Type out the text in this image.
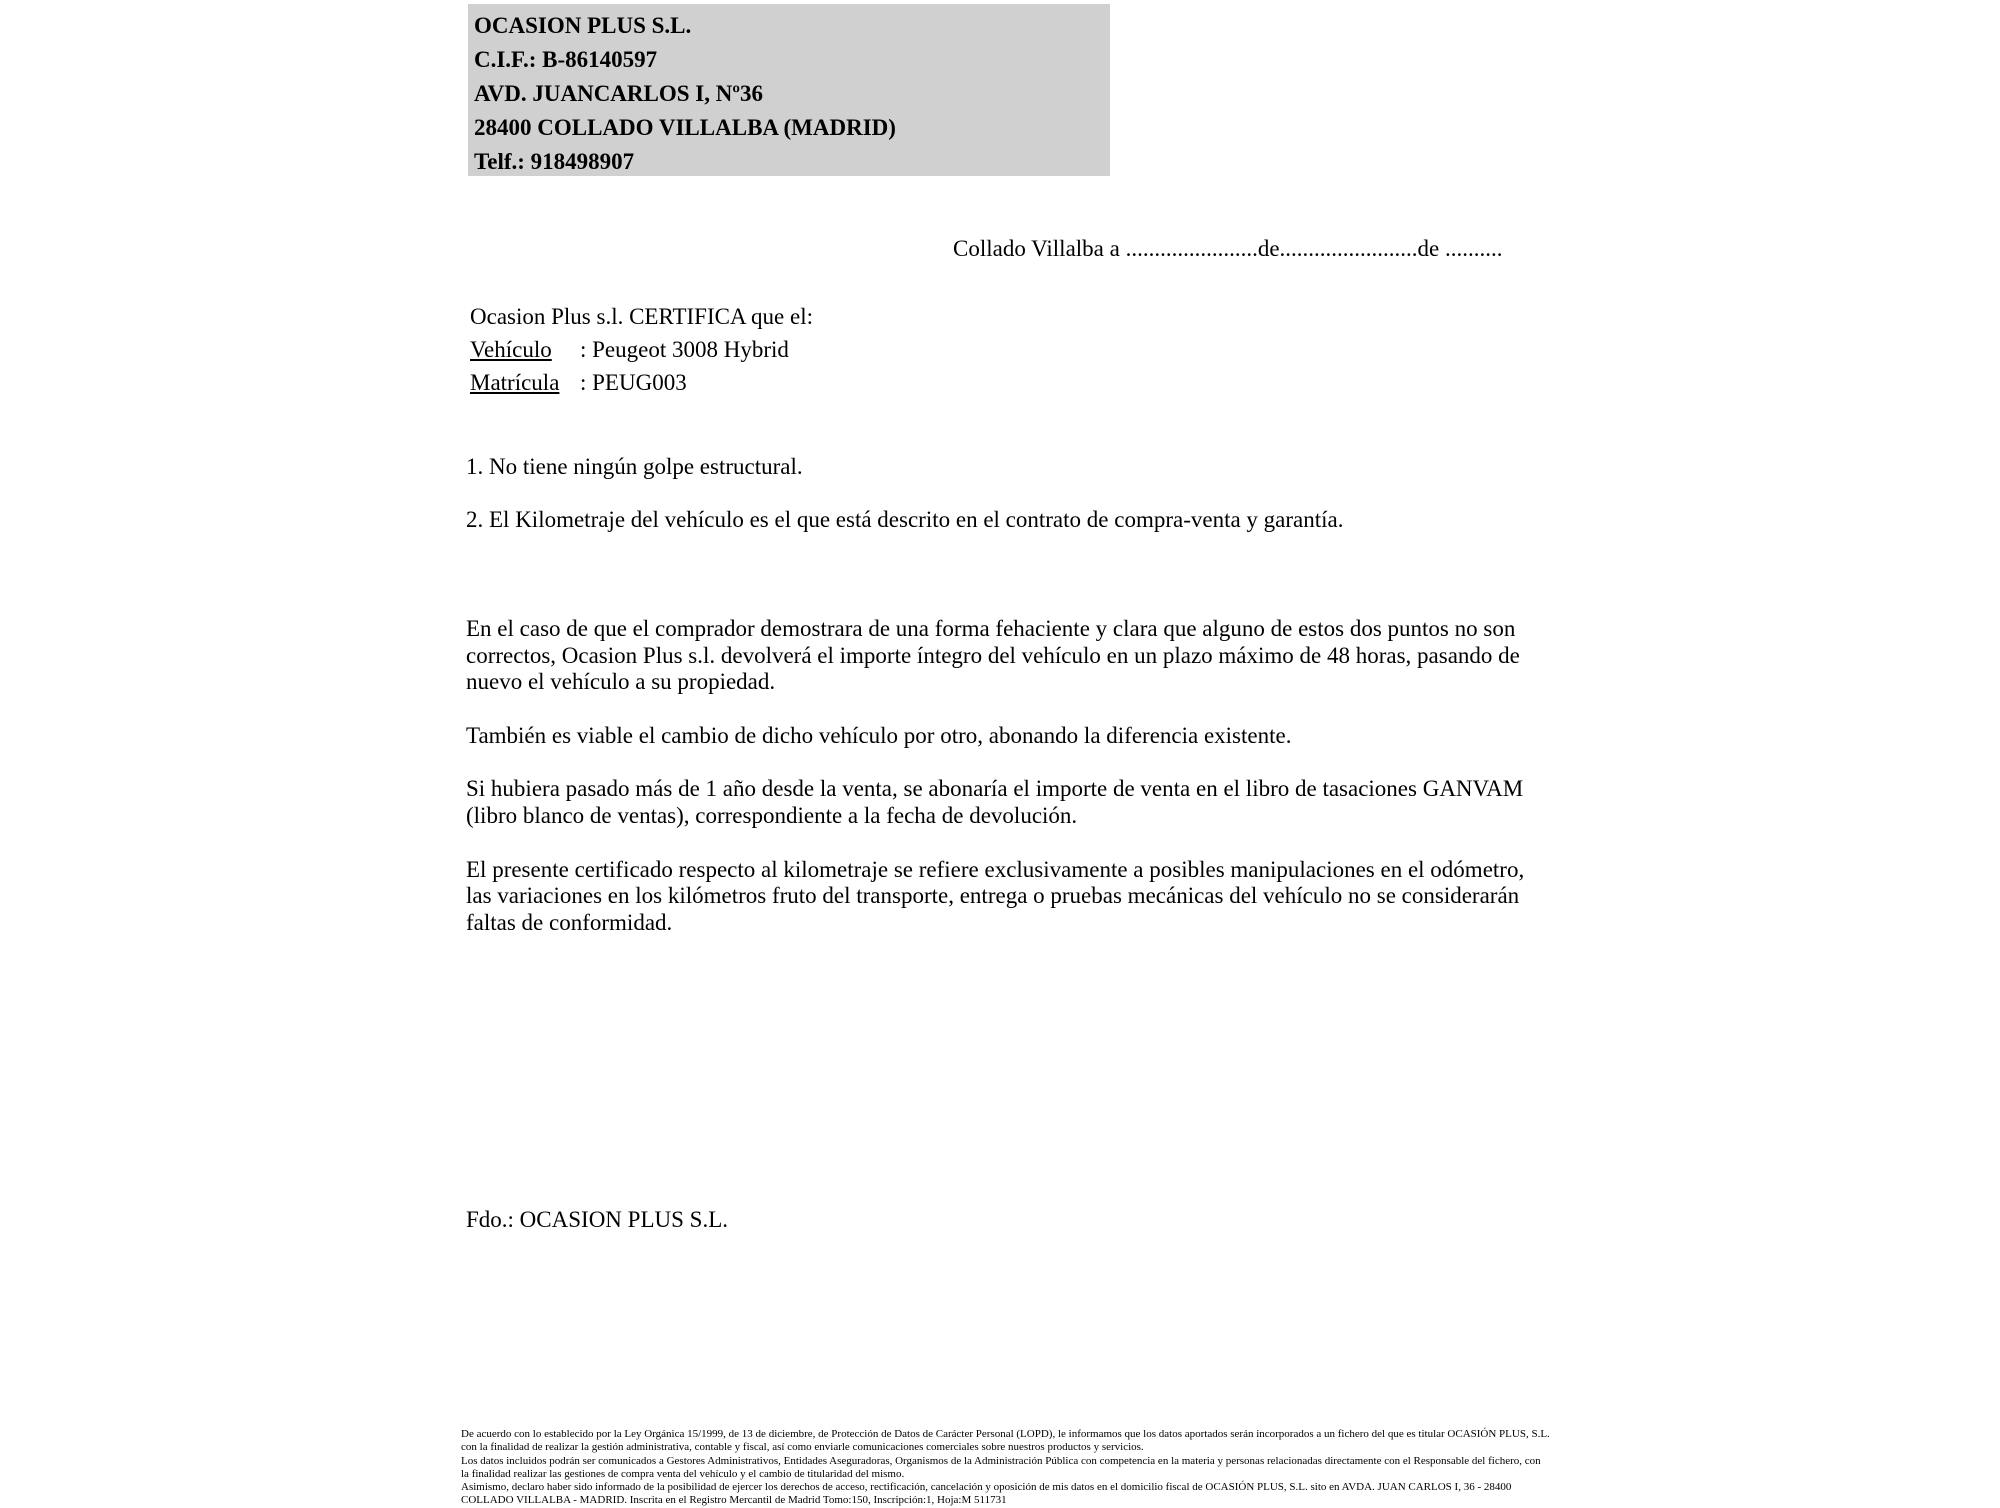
OCASION PLUS S.L.
C.I.F.: B-86140597
AVD. JUANCARLOS I, Nº36
28400 COLLADO VILLALBA (MADRID)
Telf.: 918498907
Collado Villalba a .......................de........................de ..........
Ocasion Plus s.l. CERTIFICA que el:
Vehículo : Peugeot 3008 Hybrid
Matrícula : PEUG003
1. No tiene ningún golpe estructural.
2. El Kilometraje del vehículo es el que está descrito en el contrato de compra-venta y garantía.

En el caso de que el comprador demostrara de una forma fehaciente y clara que alguno de estos dos puntos no son correctos, Ocasion Plus s.l. devolverá el importe íntegro del vehículo en un plazo máximo de 48 horas, pasando de nuevo el vehículo a su propiedad.

También es viable el cambio de dicho vehículo por otro, abonando la diferencia existente.

Si hubiera pasado más de 1 año desde la venta, se abonaría el importe de venta en el libro de tasaciones GANVAM (libro blanco de ventas), correspondiente a la fecha de devolución.

El presente certificado respecto al kilometraje se refiere exclusivamente a posibles manipulaciones en el odómetro, las variaciones en los kilómetros fruto del transporte, entrega o pruebas mecánicas del vehículo no se considerarán faltas de conformidad.

Fdo.: OCASION PLUS S.L.

De acuerdo con lo establecido por la Ley Orgánica 15/1999, de 13 de diciembre, de Protección de Datos de Carácter Personal (LOPD), le informamos que los datos aportados serán incorporados a un fichero del que es titular OCASIÓN PLUS, S.L. con la finalidad de realizar la gestión administrativa, contable y fiscal, así como enviarle comunicaciones comerciales sobre nuestros productos y servicios.

Los datos incluidos podrán ser comunicados a Gestores Administrativos, Entidades Aseguradoras, Organismos de la Administración Pública con competencia en la materia y personas relacionadas directamente con el Responsable del fichero, con la finalidad realizar las gestiones de compra venta del vehículo y el cambio de titularidad del mismo.

Asimismo, declaro haber sido informado de la posibilidad de ejercer los derechos de acceso, rectificación, cancelación y oposición de mis datos en el domicilio fiscal de OCASIÓN PLUS, S.L. sito en AVDA. JUAN CARLOS I, 36 - 28400 COLLADO VILLALBA - MADRID. Inscrita en el Registro Mercantil de Madrid Tomo:150, Inscripción:1, Hoja:M 511731
